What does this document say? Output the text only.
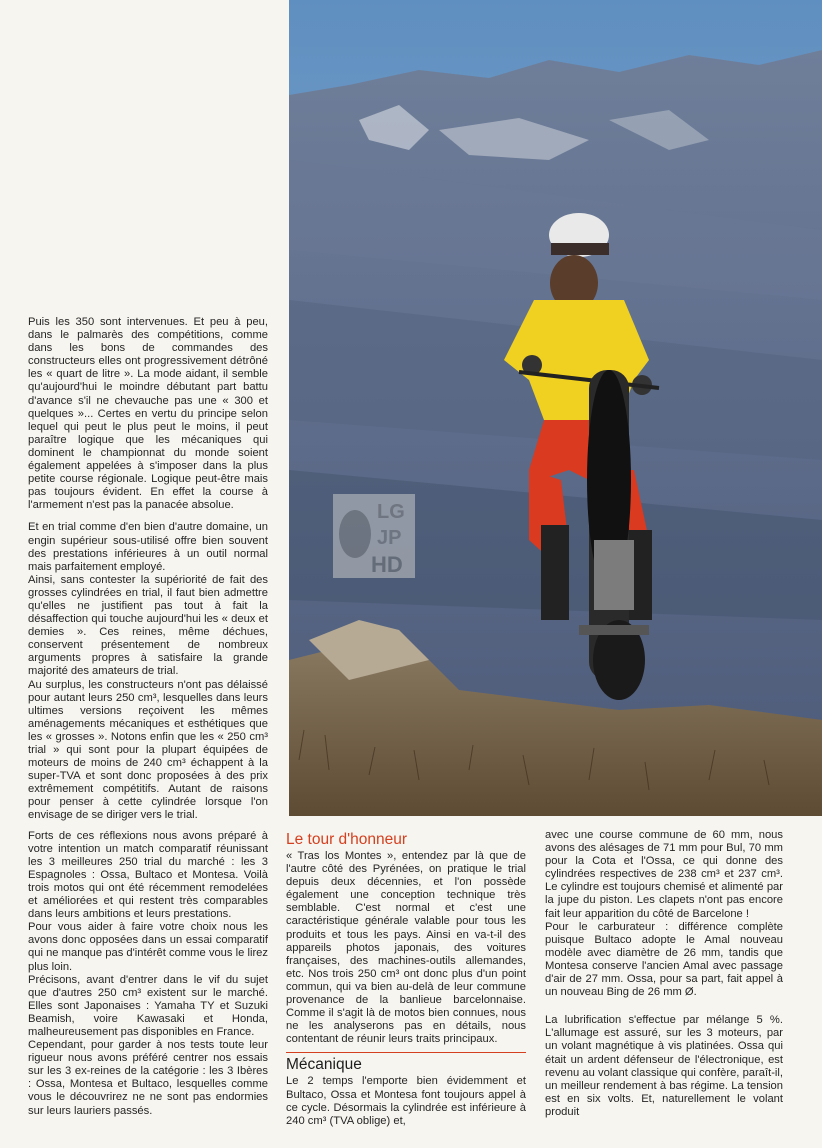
Puis les 350 sont intervenues. Et peu à peu, dans le palmarès des compétitions, comme dans les bons de commandes des constructeurs elles ont progressivement détrôné les « quart de litre ». La mode aidant, il semble qu'aujourd'hui le moindre débutant part battu d'avance s'il ne chevauche pas une « 300 et quelques »... Certes en vertu du principe selon lequel qui peut le plus peut le moins, il peut paraître logique que les mécaniques qui dominent le championnat du monde soient également appelées à s'imposer dans la plus petite course régionale. Logique peut-être mais pas toujours évident. En effet la course à l'armement n'est pas la panacée absolue.

Et en trial comme d'en bien d'autre domaine, un engin supérieur sous-utilisé offre bien souvent des prestations inférieures à un outil normal mais parfaitement employé.

Ainsi, sans contester la supériorité de fait des grosses cylindrées en trial, il faut bien admettre qu'elles ne justifient pas tout à fait la désaffection qui touche aujourd'hui les « deux et demies ». Ces reines, même déchues, conservent présentement de nombreux arguments propres à satisfaire la grande majorité des amateurs de trial.

Au surplus, les constructeurs n'ont pas délaissé pour autant leurs 250 cm³, lesquelles dans leurs ultimes versions reçoivent les mêmes aménagements mécaniques et esthétiques que les « grosses ». Notons enfin que les « 250 cm³ trial » qui sont pour la plupart équipées de moteurs de moins de 240 cm³ échappent à la super-TVA et sont donc proposées à des prix extrêmement compétitifs. Autant de raisons pour penser à cette cylindrée lorsque l'on envisage de se diriger vers le trial.

Forts de ces réflexions nous avons préparé à votre intention un match comparatif réunissant les 3 meilleures 250 trial du marché : les 3 Espagnoles : Ossa, Bultaco et Montesa. Voilà trois motos qui ont été récemment remodelées et améliorées et qui restent très comparables dans leurs ambitions et leurs prestations.

Pour vous aider à faire votre choix nous les avons donc opposées dans un essai comparatif qui ne manque pas d'intérêt comme vous le lirez plus loin.

Précisons, avant d'entrer dans le vif du sujet que d'autres 250 cm³ existent sur le marché. Elles sont Japonaises : Yamaha TY et Suzuki Beamish, voire Kawasaki et Honda, malheureusement pas disponibles en France.

Cependant, pour garder à nos tests toute leur rigueur nous avons préféré centrer nos essais sur les 3 ex-reines de la catégorie : les 3 Ibères : Ossa, Montesa et Bultaco, lesquelles comme vous le découvrirez ne ne sont pas endormies sur leurs lauriers passés.

LG
JP
HD
Le tour d'honneur

« Tras los Montes », entendez par là que de l'autre côté des Pyrénées, on pratique le trial depuis deux décennies, et l'on possède également une conception technique très semblable. C'est normal et c'est une caractéristique générale valable pour tous les produits et tous les pays. Ainsi en va-t-il des appareils photos japonais, des voitures françaises, des machines-outils allemandes, etc. Nos trois 250 cm³ ont donc plus d'un point commun, qui va bien au-delà de leur commune provenance de la banlieue barcelonnaise. Comme il s'agit là de motos bien connues, nous ne les analyserons pas en détails, nous contentant de réunir leurs traits principaux.

Mécanique

Le 2 temps l'emporte bien évidemment et Bultaco, Ossa et Montesa font toujours appel à ce cycle. Désormais la cylindrée est inférieure à 240 cm³ (TVA oblige) et,

avec une course commune de 60 mm, nous avons des alésages de 71 mm pour Bul, 70 mm pour la Cota et l'Ossa, ce qui donne des cylindrées respectives de 238 cm³ et 237 cm³. Le cylindre est toujours chemisé et alimenté par la jupe du piston. Les clapets n'ont pas encore fait leur apparition du côté de Barcelone !

Pour le carburateur : différence complète puisque Bultaco adopte le Amal nouveau modèle avec diamètre de 26 mm, tandis que Montesa conserve l'ancien Amal avec passage d'air de 27 mm. Ossa, pour sa part, fait appel à un nouveau Bing de 26 mm Ø.

La lubrification s'effectue par mélange 5 %. L'allumage est assuré, sur les 3 moteurs, par un volant magnétique à vis platinées. Ossa qui était un ardent défenseur de l'électronique, est revenu au volant classique qui confère, paraît-il, un meilleur rendement à bas régime. La tension est en six volts. Et, naturellement le volant produit
